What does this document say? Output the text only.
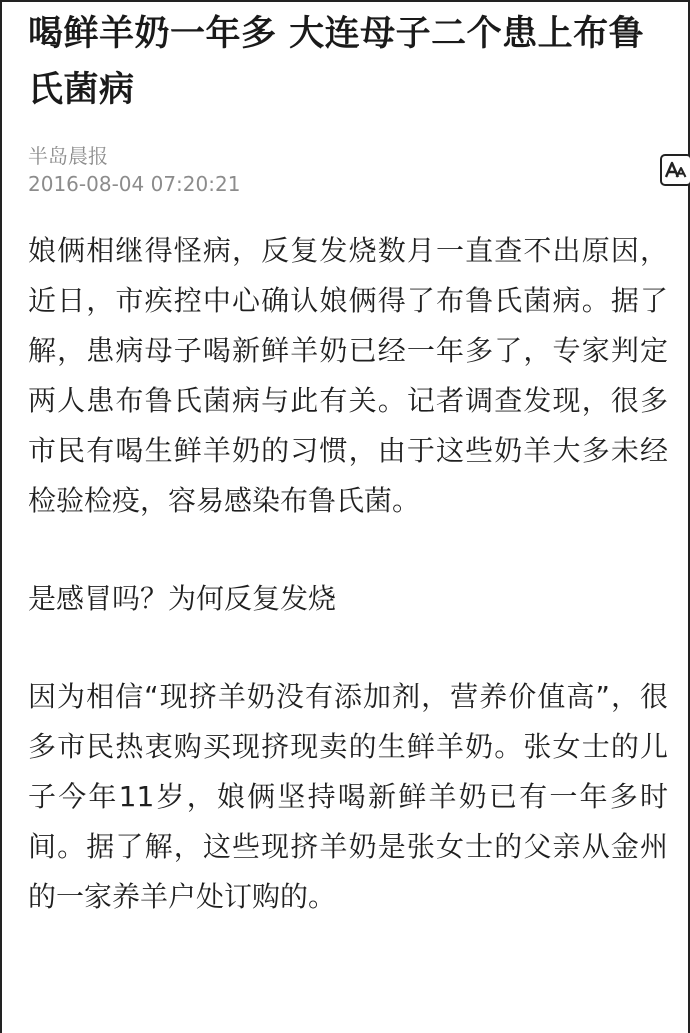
喝鲜羊奶一年多 大连母子二个患上布鲁氏菌病
半岛晨报
2016-08-04 07:20:21

娘俩相继得怪病，反复发烧数月一直查不出原因，近日，市疾控中心确认娘俩得了布鲁氏菌病。据了解，患病母子喝新鲜羊奶已经一年多了，专家判定两人患布鲁氏菌病与此有关。记者调查发现，很多市民有喝生鲜羊奶的习惯，由于这些奶羊大多未经检验检疫，容易感染布鲁氏菌。

是感冒吗？为何反复发烧

因为相信“现挤羊奶没有添加剂，营养价值高”，很多市民热衷购买现挤现卖的生鲜羊奶。张女士的儿子今年11岁，娘俩坚持喝新鲜羊奶已有一年多时间。据了解，这些现挤羊奶是张女士的父亲从金州的一家养羊户处订购的。
